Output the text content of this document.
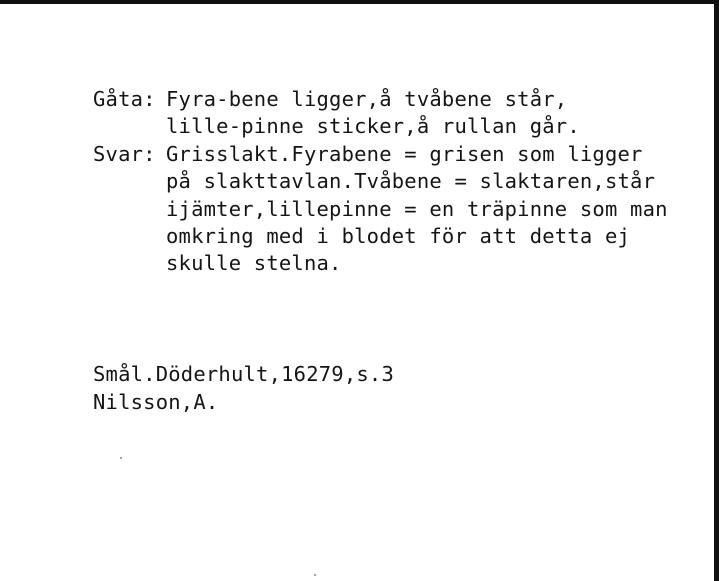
Gåta: Fyra-bene ligger,å tvåbene står,
lille-pinne sticker,å rullan går.
Svar: Grisslakt.Fyrabene = grisen som ligger
på slakttavlan.Tvåbene = slaktaren,står
ijämter,lillepinne = en träpinne som man
omkring med i blodet för att detta ej
skulle stelna.
Smål.Döderhult,16279,s.3
Nilsson,A.
